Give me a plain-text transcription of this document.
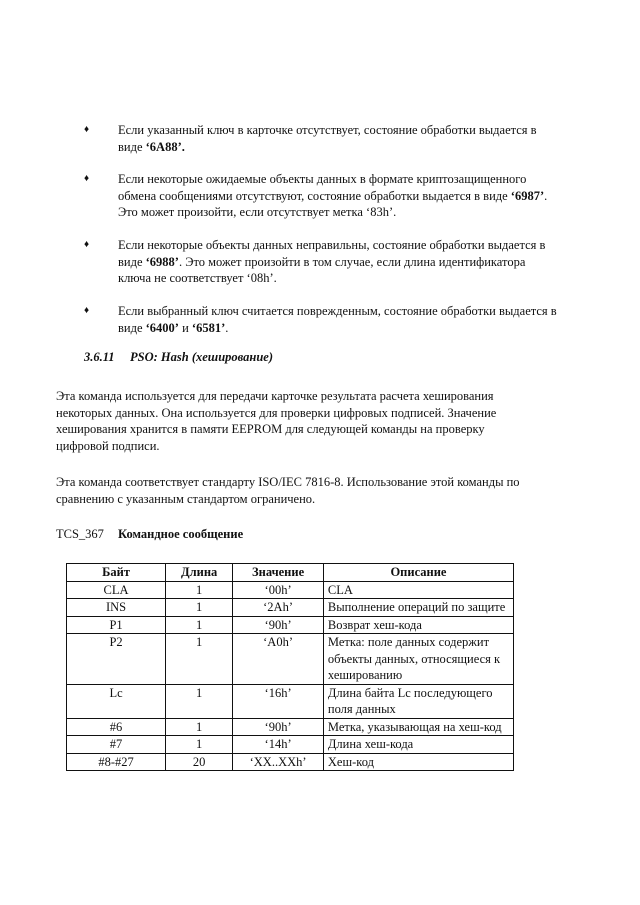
♦ Если указанный ключ в карточке отсутствует, состояние обработки выдается в виде ‘6A88’.
♦ Если некоторые ожидаемые объекты данных в формате криптозащищенного обмена сообщениями отсутствуют, состояние обработки выдается в виде ‘6987’. Это может произойти, если отсутствует метка ‘83h’.
♦ Если некоторые объекты данных неправильны, состояние обработки выдается в виде ‘6988’. Это может произойти в том случае, если длина идентификатора ключа не соответствует ‘08h’.
♦ Если выбранный ключ считается поврежденным, состояние обработки выдается в виде ‘6400’ и ‘6581’.
3.6.11 PSO: Hash (хеширование)
Эта команда используется для передачи карточке результата расчета хеширования некоторых данных. Она используется для проверки цифровых подписей. Значение хеширования хранится в памяти EEPROM для следующей команды на проверку цифровой подписи.
Эта команда соответствует стандарту ISO/IEC 7816-8. Использование этой команды по сравнению с указанным стандартом ограничено.
TCS_367 Командное сообщение
Байт	Длина	Значение	Описание
CLA	1	‘00h’	CLA
INS	1	‘2Ah’	Выполнение операций по защите
P1	1	‘90h’	Возврат хеш-кода
P2	1	‘A0h’	Метка: поле данных содержит объекты данных, относящиеся к хешированию
Lc	1	‘16h’	Длина байта Lc последующего поля данных
#6	1	‘90h’	Метка, указывающая на хеш-код
#7	1	‘14h’	Длина хеш-кода
#8-#27	20	‘XX..XXh’	Хеш-код
